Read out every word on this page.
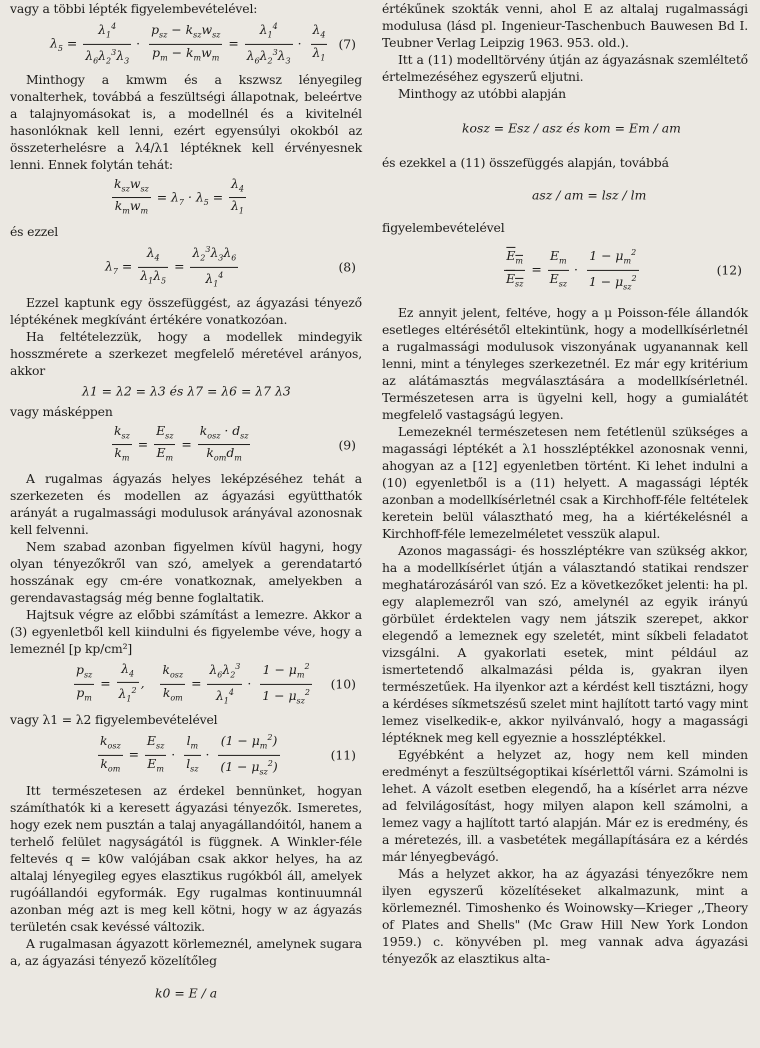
vagy a többi lépték figyelembevételével:

$\lambda_5 = \frac{\lambda_1^4}{\lambda_6\lambda_2^3\lambda_3} \cdot \frac{p_{sz} - k_{sz}w_{sz}}{p_m - k_mw_m} = \frac{\lambda_1^4}{\lambda_6\lambda_2^3\lambda_3} \cdot \frac{\lambda_4}{\lambda_1} (7)$

Minthogy a kmwm és a kszwsz lényegileg vonalterhek, továbbá a feszültségi állapotnak, beleértve a talajnyomásokat is, a modellnél és a kivitelnél hasonlóknak kell lenni, ezért egyensúlyi okokból az összeterhelésre a λ4/λ1 léptéknek kell érvényesnek lenni. Ennek folytán tehát:

$\frac{k_{sz}w_{sz}}{k_mw_m} = \lambda_7 \cdot \lambda_5 = \frac{\lambda_4}{\lambda_1}$

és ezzel

$\lambda_7 = \frac{\lambda_4}{\lambda_1\lambda_5} = \frac{\lambda_2^3\lambda_3\lambda_6}{\lambda_1^4}$	(8)

Ezzel kaptunk egy összefüggést, az ágyazási tényező léptékének megkívánt értékére vonatkozóan.

Ha feltételezzük, hogy a modellek mindegyik hosszmérete a szerkezet megfelelő méretével arányos, akkor

λ1 = λ2 = λ3 és λ7 = λ6 = λ7 λ3

vagy másképpen

$\frac{k_{sz}}{k_m} = \frac{E_{sz}}{E_m} = \frac{k_{osz} \cdot d_{sz}}{k_{om}d_m}$	(9)

A rugalmas ágyazás helyes leképzéséhez tehát a szerkezeten és modellen az ágyazási együtthatók arányát a rugalmassági modulusok arányával azonosnak kell felvenni.

Nem szabad azonban figyelmen kívül hagyni, hogy olyan tényezőkről van szó, amelyek a gerendatartó hosszának egy cm-ére vonatkoznak, amelyekben a gerendavastagság még benne foglaltatik.

Hajtsuk végre az előbbi számítást a lemezre. Akkor a (3) egyenletből kell kiindulni és figyelembe véve, hogy a lemeznél [p kp/cm²]

$\frac{p_{sz}}{p_m} = \frac{\lambda_4}{\lambda_1^2}$ , $\frac{k_{osz}}{k_{om}} = \frac{\lambda_6\lambda_2^3}{\lambda_1^4} \cdot \frac{1 - \mu_m^2}{1 - \mu_{sz}^2} (10)$

vagy λ1 = λ2 figyelembevételével

$\frac{k_{osz}}{k_{om}} = \frac{E_{sz}}{E_m} \cdot \frac{l_m}{l_{sz}} \cdot \frac{(1 - \mu_m^2)}{(1 - \mu_{sz}^2)}$	(11)

Itt természetesen az érdekel bennünket, hogyan számíthatók ki a keresett ágyazási tényezők. Ismeretes, hogy ezek nem pusztán a talaj anyagállandóitól, hanem a terhelő felület nagyságától is függnek. A Winkler-féle feltevés q = k0w valójában csak akkor helyes, ha az altalaj lényegileg egyes elasztikus rugókból áll, amelyek rugóállandói egyformák. Egy rugalmas kontinuumnál azonban még azt is meg kell kötni, hogy w az ágyazás területén csak kevéssé változik.

A rugalmasan ágyazott körlemeznél, amelynek sugara a, az ágyazási tényező közelítőleg

k0 = E / a

értékűnek szokták venni, ahol E az altalaj rugalmassági modulusa (lásd pl. Ingenieur-Taschenbuch Bauwesen Bd I. Teubner Verlag Leipzig 1963. 953. old.).

Itt a (11) modelltörvény útján az ágyazásnak szemléltető értelmezéséhez egyszerű eljutni.

Minthogy az utóbbi alapján

kosz = Esz / asz és kom = Em / am

és ezekkel a (11) összefüggés alapján, továbbá

asz / am = lsz / lm

figyelembevételével

$\frac{E_m}{E_{sz}} = \frac{E_m}{E_{sz}} \cdot \frac{1 - \mu_m^2}{1 - \mu_{sz}^2}$	(12)

Ez annyit jelent, feltéve, hogy a μ Poisson-féle állandók esetleges eltérésétől eltekintünk, hogy a modellkísérletnél a rugalmassági modulusok viszonyának ugyanannak kell lenni, mint a tényleges szerkezetnél. Ez már egy kritérium az alátámasztás megválasztására a modellkísérletnél. Természetesen arra is ügyelni kell, hogy a gumialátét megfelelő vastagságú legyen.

Lemezeknél természetesen nem fetétlenül szükséges a magassági léptékét a λ1 hosszléptékkel azonosnak venni, ahogyan az a [12] egyenletben történt. Ki lehet indulni a (10) egyenletből is a (11) helyett. A magassági lépték azonban a modellkísérletnél csak a Kirchhoff-féle feltételek keretein belül választható meg, ha a kiértékelésnél a Kirchhoff-féle lemezelméletet vesszük alapul.

Azonos magassági- és hosszléptékre van szükség akkor, ha a modellkísérlet útján a választandó statikai rendszer meghatározásáról van szó. Ez a következőket jelenti: ha pl. egy alaplemezről van szó, amelynél az egyik irányú görbület érdektelen vagy nem játszik szerepet, akkor elegendő a lemeznek egy szeletét, mint síkbeli feladatot vizsgálni. A gyakorlati esetek, mint például az ismertetendő alkalmazási példa is, gyakran ilyen természetűek. Ha ilyenkor azt a kérdést kell tisztázni, hogy a kérdéses síkmetszésű szelet mint hajlított tartó vagy mint lemez viselkedik-e, akkor nyilvánvaló, hogy a magassági léptéknek meg kell egyeznie a hosszléptékkel.

Egyébként a helyzet az, hogy nem kell minden eredményt a feszültségoptikai kísérlettől várni. Számolni is lehet. A vázolt esetben elegendő, ha a kísérlet arra nézve ad felvilágosítást, hogy milyen alapon kell számolni, a lemez vagy a hajlított tartó alapján. Már ez is eredmény, és a méretezés, ill. a vasbetétek megállapítására ez a kérdés már lényegbevágó.

Más a helyzet akkor, ha az ágyazási tényezőkre nem ilyen egyszerű közelítéseket alkalmazunk, mint a körlemeznél. Timoshenko és Woinowsky—Krieger ,,Theory of Plates and Shells" (Mc Graw Hill New York London 1959.) c. könyvében pl. meg vannak adva ágyazási tényezők az elasztikus alta-
